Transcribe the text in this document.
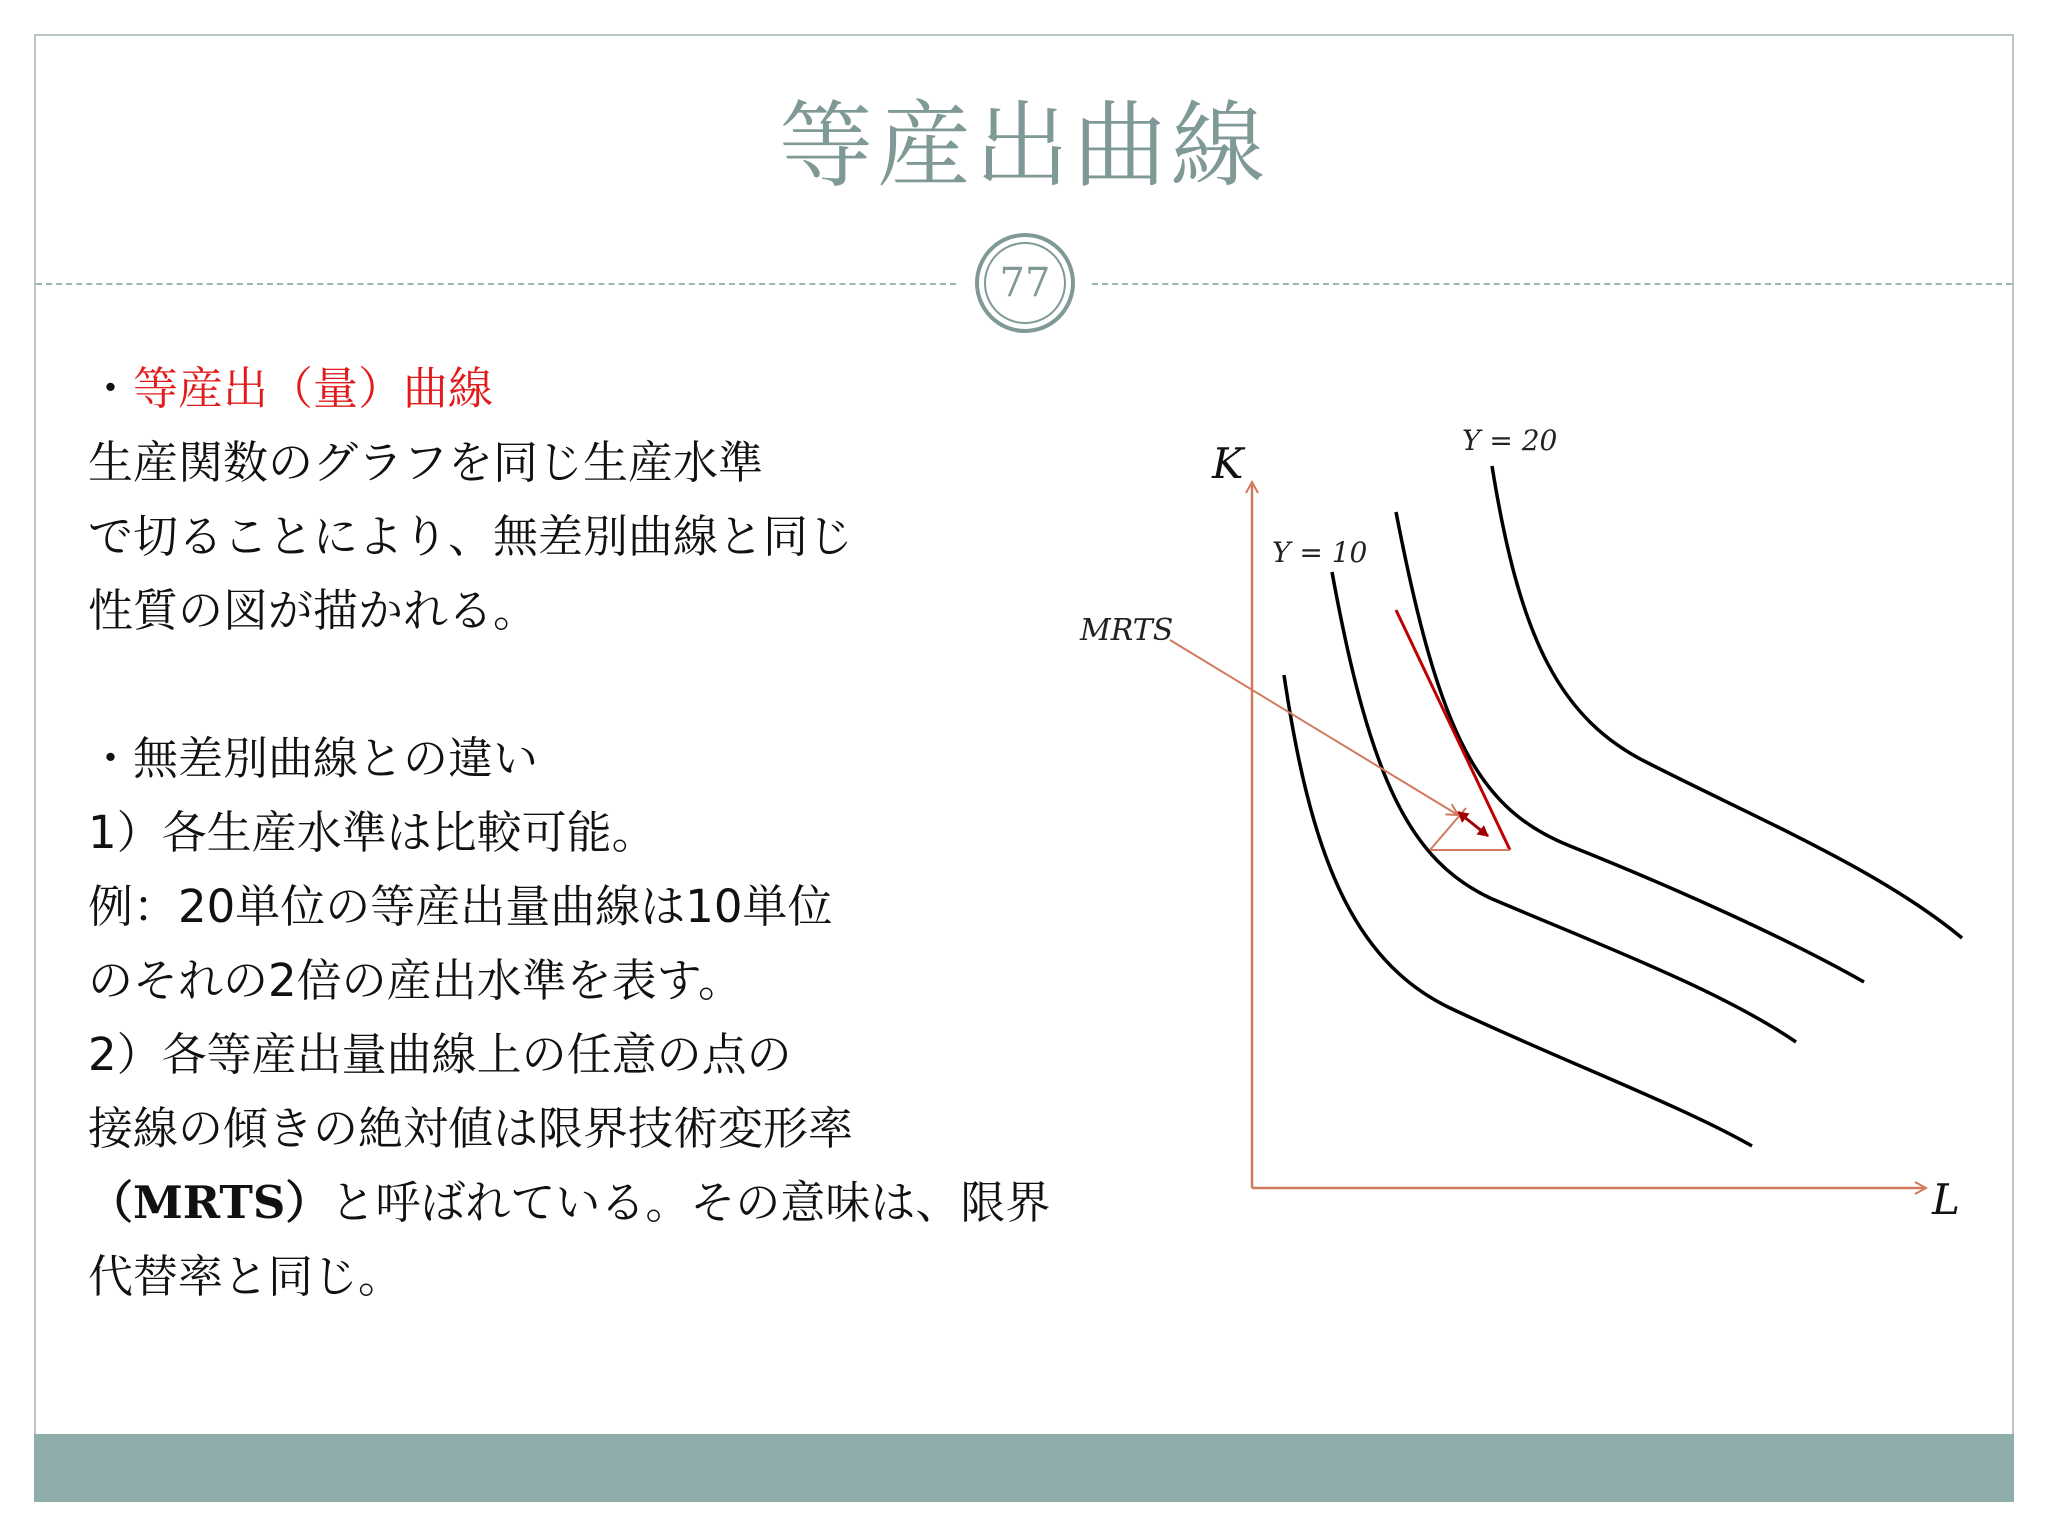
等産出曲線
77
・等産出（量）曲線
生産関数のグラフを同じ生産水準
で切ることにより、無差別曲線と同じ
性質の図が描かれる。
・無差別曲線との違い
1）各生産水準は比較可能。
例：20単位の等産出量曲線は10単位
のそれの2倍の産出水準を表す。
2）各等産出量曲線上の任意の点の
接線の傾きの絶対値は限界技術変形率
（MRTS）と呼ばれている。その意味は、限界
代替率と同じ。
K
L
Y = 10
Y = 20
MRTS
